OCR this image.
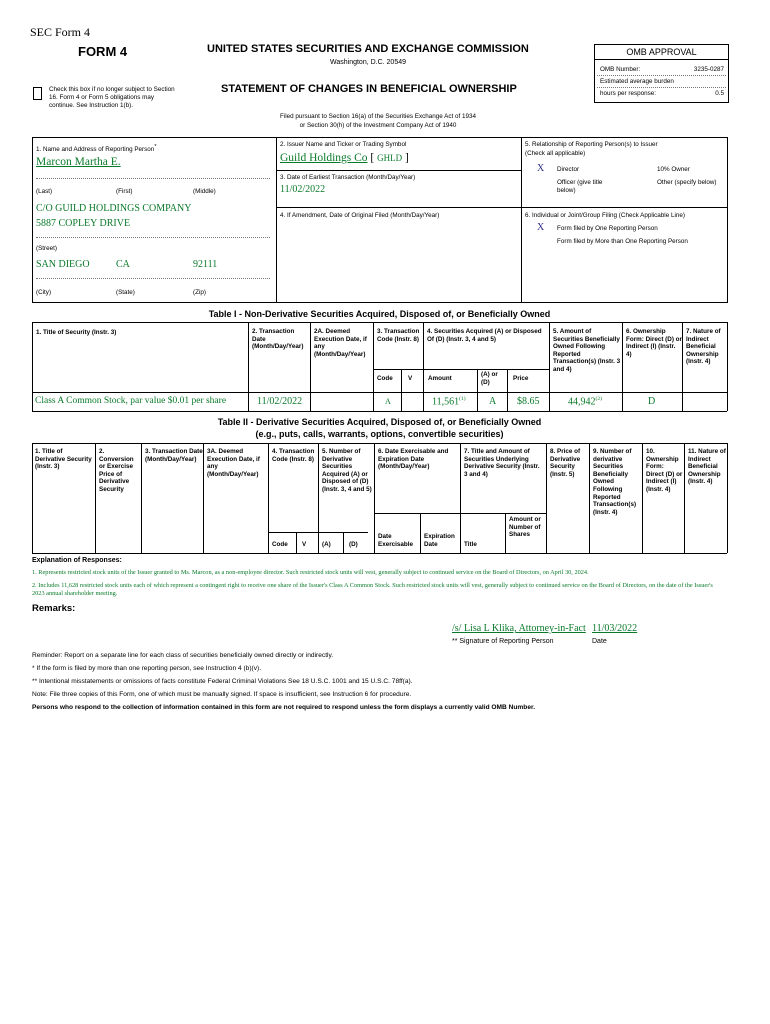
SEC Form 4
FORM 4	UNITED STATES SECURITIES AND EXCHANGE COMMISSION
Washington, D.C. 20549
Check this box if no longer subject to Section 16. Form 4 or Form 5 obligations may continue. See Instruction 1(b).
STATEMENT OF CHANGES IN BENEFICIAL OWNERSHIP
Filed pursuant to Section 16(a) of the Securities Exchange Act of 1934
or Section 30(h) of the Investment Company Act of 1940
OMB APPROVAL
OMB Number:	3235-0287
Estimated average burden
hours per response:	0.5
1. Name and Address of Reporting Person*
Marcon Martha E.
(Last)	(First)	(Middle)
C/O GUILD HOLDINGS COMPANY
5887 COPLEY DRIVE
(Street)
SAN DIEGO	CA	92111
(City)	(State)	(Zip)
2. Issuer Name and Ticker or Trading Symbol
Guild Holdings Co [ GHLD ]
3. Date of Earliest Transaction (Month/Day/Year)
11/02/2022
4. If Amendment, Date of Original Filed (Month/Day/Year)
5. Relationship of Reporting Person(s) to Issuer
(Check all applicable)
X Director	10% Owner
Officer (give title below)
Other (specify below)
6. Individual or Joint/Group Filing (Check Applicable Line)
X Form filed by One Reporting Person
Form filed by More than One Reporting Person
Table I - Non-Derivative Securities Acquired, Disposed of, or Beneficially Owned
1. Title of Security (Instr. 3)	2. Transaction Date (Month/Day/Year)
2A. Deemed Execution Date, if any (Month/Day/Year)
3. Transaction Code (Instr. 8)
4. Securities Acquired (A) or Disposed Of (D) (Instr. 3, 4 and 5)
5. Amount of Securities Beneficially Owned Following Reported Transaction(s) (Instr. 3 and 4)
6. Ownership Form: Direct (D) or Indirect (I) (Instr. 4)
7. Nature of Indirect Beneficial Ownership (Instr. 4)
Code V	Amount
(A) or (D)
Price
Class A Common Stock, par value $0.01 per share	11/02/2022	A	11,561$^{(1)}$ A $8.65	44,942$^{(2)}$	D
Table II - Derivative Securities Acquired, Disposed of, or Beneficially Owned
(e.g., puts, calls, warrants, options, convertible securities)
1. Title of Derivative Security (Instr. 3)
2. Conversion or Exercise Price of Derivative Security
3. Transaction Date (Month/Day/Year)
3A. Deemed Execution Date, if any (Month/Day/Year)
4. Transaction Code (Instr. 8)
5. Number of Derivative Securities Acquired (A) or Disposed of (D) (Instr. 3, 4 and 5)
6. Date Exercisable and Expiration Date (Month/Day/Year)
7. Title and Amount of Securities Underlying Derivative Security (Instr. 3 and 4)
8. Price of Derivative Security (Instr. 5)
9. Number of derivative Securities Beneficially Owned Following Reported Transaction(s) (Instr. 4)
10. Ownership Form: Direct (D) or Indirect (I) (Instr. 4)
11. Nature of Indirect Beneficial Ownership (Instr. 4)
Code V	(A)	(D)
Date Exercisable
Expiration Date	Title
Amount or Number of Shares
Explanation of Responses:
1. Represents restricted stock units of the Issuer granted to Ms. Marcon, as a non-employee director. Such restricted stock units will vest, generally subject to continued service on the Board of Directors, on April 30, 2024.
2. Includes 11,628 restricted stock units each of which represent a contingent right to receive one share of the Issuer's Class A Common Stock. Such restricted stock units will vest, generally subject to continued service on the Board of Directors, on the date of the Issuer's 2023 annual shareholder meeting.
Remarks:
/s/ Lisa L Klika, Attorney-in-Fact 11/03/2022
** Signature of Reporting Person	Date
Reminder: Report on a separate line for each class of securities beneficially owned directly or indirectly.
* If the form is filed by more than one reporting person, see Instruction 4 (b)(v).
** Intentional misstatements or omissions of facts constitute Federal Criminal Violations See 18 U.S.C. 1001 and 15 U.S.C. 78ff(a).
Note: File three copies of this Form, one of which must be manually signed. If space is insufficient, see Instruction 6 for procedure.
Persons who respond to the collection of information contained in this form are not required to respond unless the form displays a currently valid OMB Number.
